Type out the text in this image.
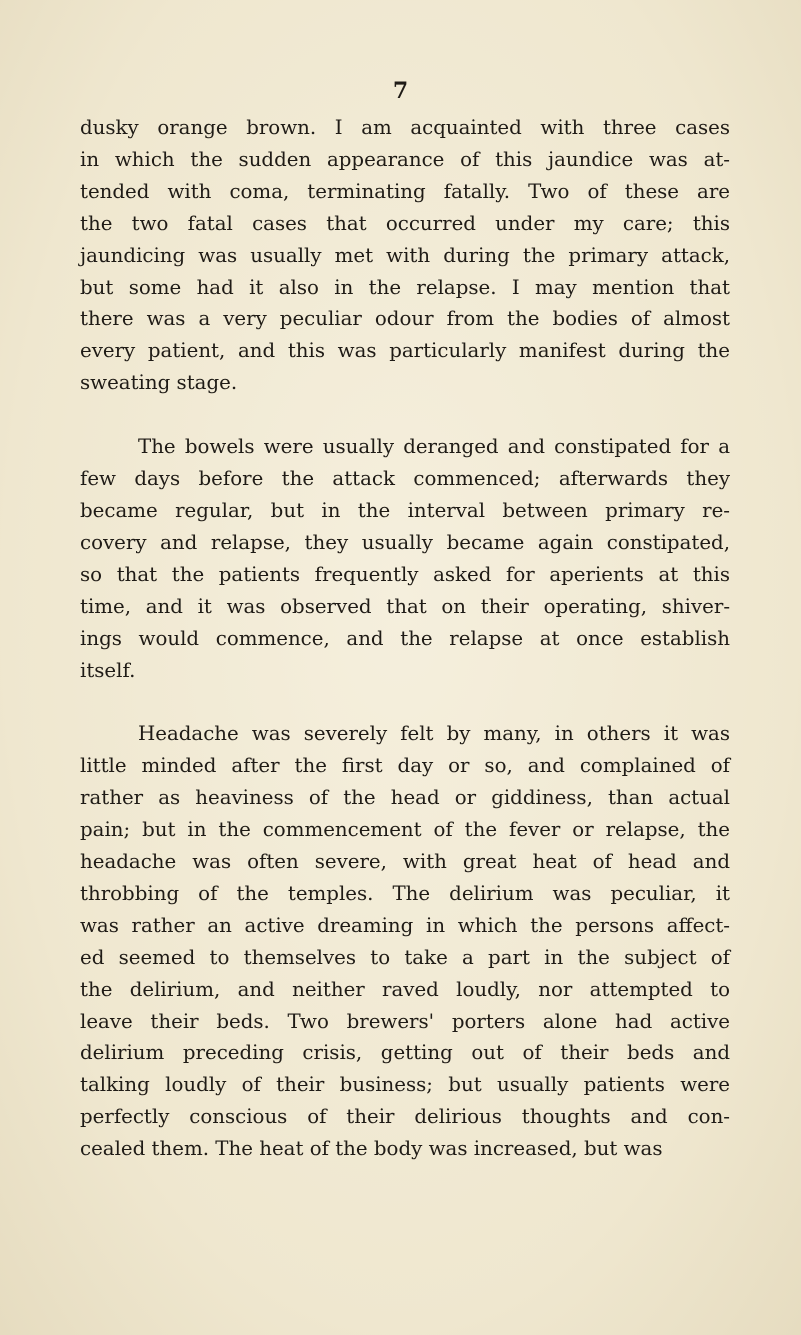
7
dusky orange brown. I am acquainted with three cases
in which the sudden appearance of this jaundice was at-
tended with coma, terminating fatally. Two of these are
the two fatal cases that occurred under my care; this
jaundicing was usually met with during the primary attack,
but some had it also in the relapse. I may mention that
there was a very peculiar odour from the bodies of almost
every patient, and this was particularly manifest during the
sweating stage.
The bowels were usually deranged and constipated for a
few days before the attack commenced; afterwards they
became regular, but in the interval between primary re-
covery and relapse, they usually became again constipated,
so that the patients frequently asked for aperients at this
time, and it was observed that on their operating, shiver-
ings would commence, and the relapse at once establish
itself.
Headache was severely felt by many, in others it was
little minded after the first day or so, and complained of
rather as heaviness of the head or giddiness, than actual
pain; but in the commencement of the fever or relapse, the
headache was often severe, with great heat of head and
throbbing of the temples. The delirium was peculiar, it
was rather an active dreaming in which the persons affect-
ed seemed to themselves to take a part in the subject of
the delirium, and neither raved loudly, nor attempted to
leave their beds. Two brewers' porters alone had active
delirium preceding crisis, getting out of their beds and
talking loudly of their business; but usually patients were
perfectly conscious of their delirious thoughts and con-
cealed them. The heat of the body was increased, but was
